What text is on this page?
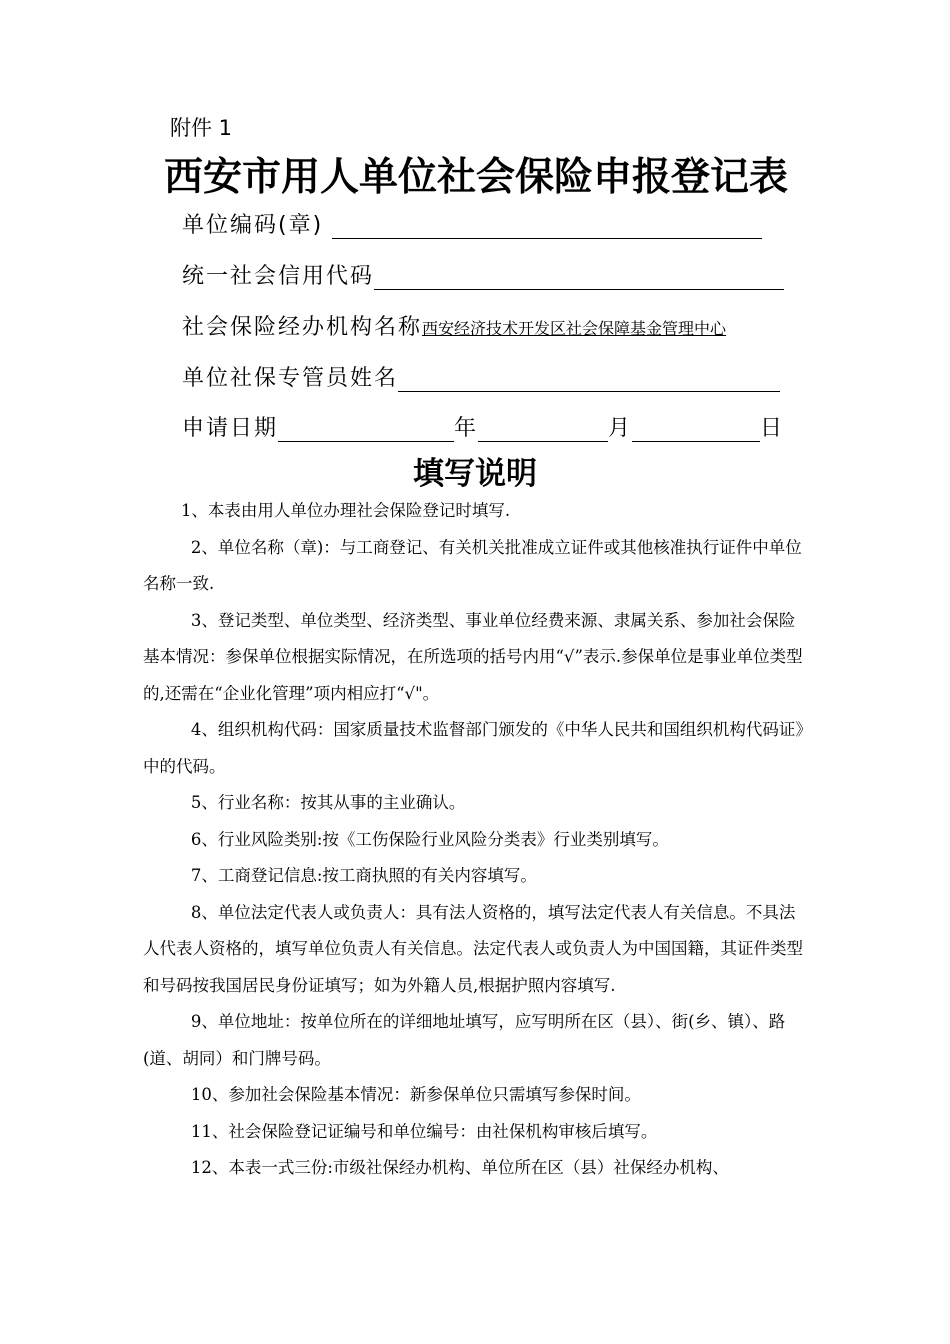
附件 1
西安市用人单位社会保险申报登记表
单位编码(章)
统一社会信用代码
社会保险经办机构名称西安经济技术开发区社会保障基金管理中心
单位社保专管员姓名
申请日期	年	月	日
填写说明

1、本表由用人单位办理社会保险登记时填写.

2、单位名称（章)：与工商登记、有关机关批准成立证件或其他核准执行证件中单位名称一致.

3、登记类型、单位类型、经济类型、事业单位经费来源、隶属关系、参加社会保险基本情况：参保单位根据实际情况，在所选项的括号内用“√”表示.参保单位是事业单位类型的,还需在“企业化管理”项内相应打“√"。

4、组织机构代码：国家质量技术监督部门颁发的《中华人民共和国组织机构代码证》中的代码。

5、行业名称：按其从事的主业确认。

6、行业风险类别:按《工伤保险行业风险分类表》行业类别填写。

7、工商登记信息:按工商执照的有关内容填写。

8、单位法定代表人或负责人：具有法人资格的，填写法定代表人有关信息。不具法人代表人资格的，填写单位负责人有关信息。法定代表人或负责人为中国国籍，其证件类型和号码按我国居民身份证填写；如为外籍人员,根据护照内容填写.

9、单位地址：按单位所在的详细地址填写，应写明所在区（县）、街(乡、镇）、路(道、胡同）和门牌号码。

10、参加社会保险基本情况：新参保单位只需填写参保时间。

11、社会保险登记证编号和单位编号：由社保机构审核后填写。

12、本表一式三份:市级社保经办机构、单位所在区（县）社保经办机构、
